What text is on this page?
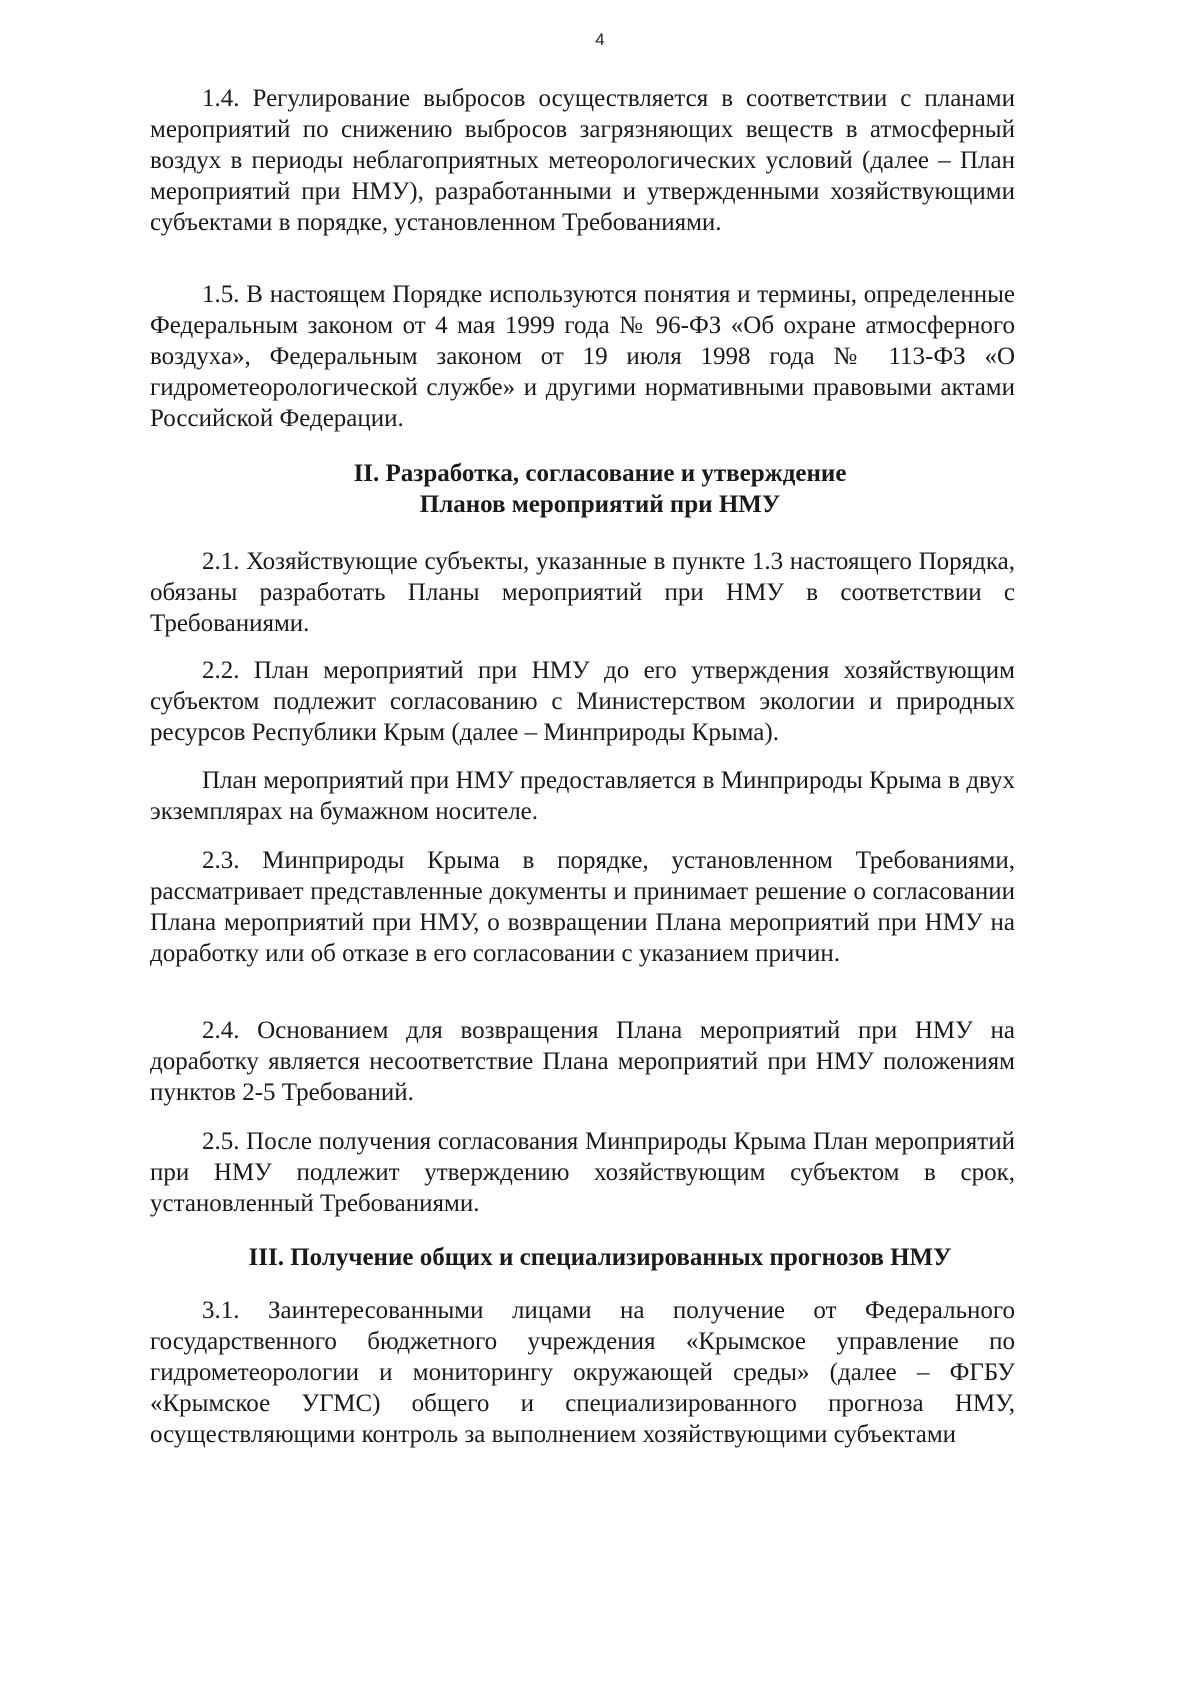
4

1.4. Регулирование выбросов осуществляется в соответствии с планами мероприятий по снижению выбросов загрязняющих веществ в атмосферный воздух в периоды неблагоприятных метеорологических условий (далее – План мероприятий при НМУ), разработанными и утвержденными хозяйствующими субъектами в порядке, установленном Требованиями.

1.5. В настоящем Порядке используются понятия и термины, определенные Федеральным законом от 4 мая 1999 года № 96-ФЗ «Об охране атмосферного воздуха», Федеральным законом от 19 июля 1998 года № 113-ФЗ «О гидрометеорологической службе» и другими нормативными правовыми актами Российской Федерации.

II. Разработка, согласование и утверждение

Планов мероприятий при НМУ

2.1. Хозяйствующие субъекты, указанные в пункте 1.3 настоящего Порядка, обязаны разработать Планы мероприятий при НМУ в соответствии с Требованиями.

2.2. План мероприятий при НМУ до его утверждения хозяйствующим субъектом подлежит согласованию с Министерством экологии и природных ресурсов Республики Крым (далее – Минприроды Крыма).

План мероприятий при НМУ предоставляется в Минприроды Крыма в двух экземплярах на бумажном носителе.

2.3. Минприроды Крыма в порядке, установленном Требованиями, рассматривает представленные документы и принимает решение о согласовании Плана мероприятий при НМУ, о возвращении Плана мероприятий при НМУ на доработку или об отказе в его согласовании с указанием причин.

2.4. Основанием для возвращения Плана мероприятий при НМУ на доработку является несоответствие Плана мероприятий при НМУ положениям пунктов 2-5 Требований.

2.5. После получения согласования Минприроды Крыма План мероприятий при НМУ подлежит утверждению хозяйствующим субъектом в срок, установленный Требованиями.

III. Получение общих и специализированных прогнозов НМУ

3.1. Заинтересованными лицами на получение от Федерального государственного бюджетного учреждения «Крымское управление по гидрометеорологии и мониторингу окружающей среды» (далее – ФГБУ «Крымское УГМС) общего и специализированного прогноза НМУ, осуществляющими контроль за выполнением хозяйствующими субъектами
